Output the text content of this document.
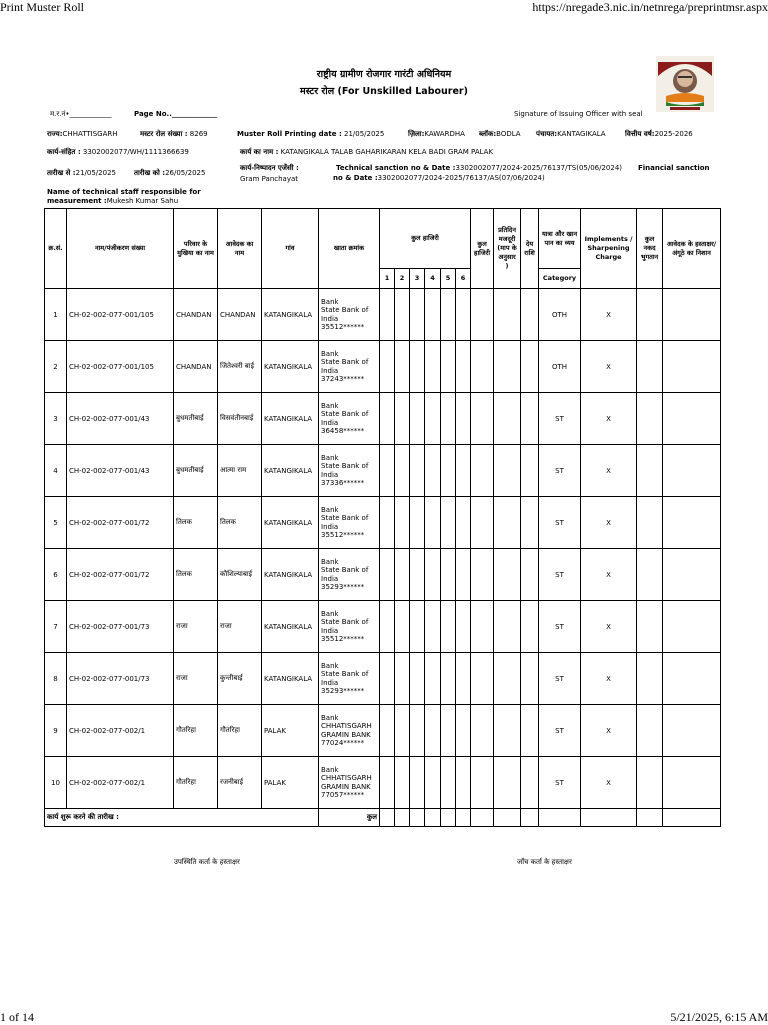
Print Muster Roll	https://nregade3.nic.in/netnrega/preprintmsr.aspx
1 of 14	5/21/2025, 6:15 AM
राष्ट्रीय ग्रामीण रोजगार गारंटी अधिनियम
मस्टर रोल (For Unskilled Labourer)
म.र.नं•____________	Page No.._____________	Signature of Issuing Officer with seal
राज्य:CHHATTISGARH	मस्टर रोल संख्या : 8269	Muster Roll Printing date : 21/05/2025	ज़िला:KAWARDHA ब्लॉक:BODLA पंचायत:KANTAGIKALA	वित्तीय वर्ष:2025-2026
कार्य-संहित : 3302002077/WH/1111366639	कार्य का नाम : KATANGIKALA TALAB GAHARIKARAN KELA BADI GRAM PALAK
तारीख से :21/05/2025	तारीख को :26/05/2025
कार्य-निष्पादन एजेंसी :
Gram Panchayat
Technical sanction no & Date :3302002077/2024-2025/76137/TS(05/06/2024) Financial sanction
no & Date :3302002077/2024-2025/76137/AS(07/06/2024)
Name of technical staff responsible for
measurement :Mukesh Kumar Sahu
क्र.सं.	नाम/पंजीकरण संख्या	परिवार के मुखिया का नाम	आवेदक का नाम	गांव	खाता क्रमांक	कुल हाजिरी						कुल हाजिरी	प्रतिदिन मजदूरी (माप के अनुसार )	देय राशि	यात्रा और खान पान का व्यय	Implements / Sharpening Charge	कुल नकद भुगतान	आवेदक के हस्ताक्षर/अंगूठे का निशान
						1	2	3	4	5	6				Category			
1	CH-02-002-077-001/105	CHANDAN	CHANDAN	KATANGIKALA	Bank
State Bank of
India
35512******										OTH	X		
2	CH-02-002-077-001/105	CHANDAN	जितेश्वरी बाई	KATANGIKALA	Bank
State Bank of
India
37243******										OTH	X		
3	CH-02-002-077-001/43	बुधमतीबाई	विसवंतीनबाई	KATANGIKALA	Bank
State Bank of
India
36458******										ST	X		
4	CH-02-002-077-001/43	बुधमतीबाई	आत्मा राम	KATANGIKALA	Bank
State Bank of
India
37336******										ST	X		
5	CH-02-002-077-001/72	तिलक	तिलक	KATANGIKALA	Bank
State Bank of
India
35512******										ST	X		
6	CH-02-002-077-001/72	तिलक	कौशिल्याबाई	KATANGIKALA	Bank
State Bank of
India
35293******										ST	X		
7	CH-02-002-077-001/73	राजा	राजा	KATANGIKALA	Bank
State Bank of
India
35512******										ST	X		
8	CH-02-002-077-001/73	राजा	कुन्तीबाई	KATANGIKALA	Bank
State Bank of
India
35293******										ST	X		
9	CH-02-002-077-002/1	गौतरिहा	गौतरिहा	PALAK	Bank
CHHATISGARH
GRAMIN BANK
77024******										ST	X		
10	CH-02-002-077-002/1	गौतरिहा	रजनीबाई	PALAK	Bank
CHHATISGARH
GRAMIN BANK
77057******										ST	X		
कार्य शुरू करने की तारीख :					कुल													
उपस्थिति कर्ता के हस्ताक्षर	जाँच कर्ता के हस्ताक्षर
